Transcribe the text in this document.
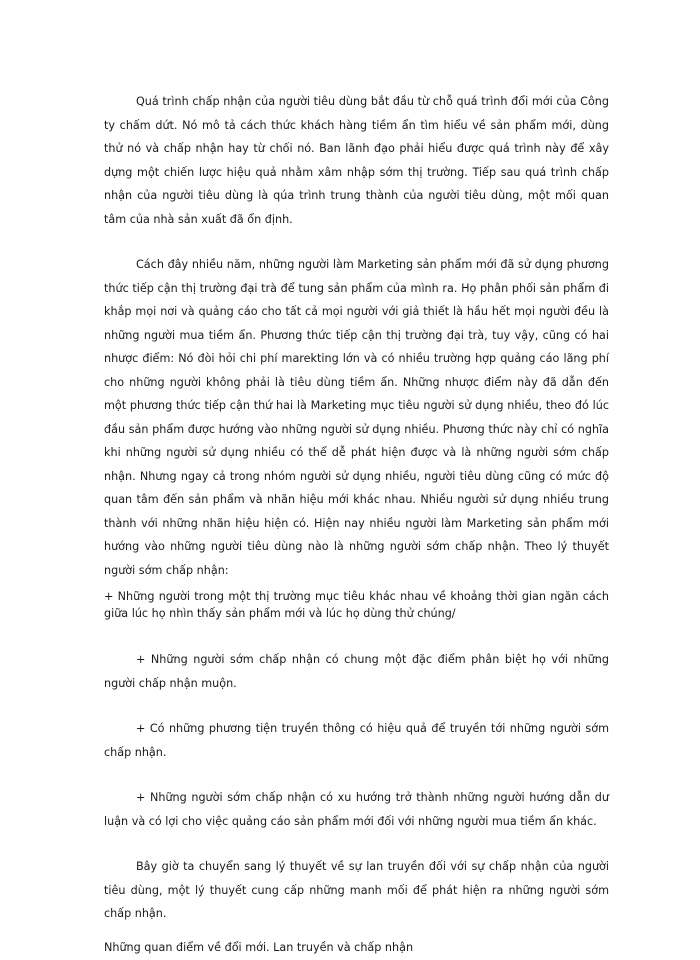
Quá trình chấp nhận của người tiêu dùng bắt đầu từ chỗ quá trình đổi mới của Công ty chấm dứt. Nó mô tả cách thức khách hàng tiềm ẩn tìm hiểu về sản phẩm mới, dùng thử nó và chấp nhận hay từ chối nó. Ban lãnh đạo phải hiểu được quá trình này để xây dựng một chiến lược hiệu quả nhằm xâm nhập sớm thị trường. Tiếp sau quá trình chấp nhận của người tiêu dùng là qúa trình trung thành của người tiêu dùng, một mối quan tâm của nhà sản xuất đã ổn định.

Cách đây nhiều năm, những người làm Marketing sản phẩm mới đã sử dụng phương thức tiếp cận thị trường đại trà để tung sản phẩm của mình ra. Họ phân phối sản phẩm đi khắp mọi nơi và quảng cáo cho tất cả mọi người với giả thiết là hầu hết mọi người đều là những người mua tiềm ẩn. Phương thức tiếp cận thị trường đại trà, tuy vậy, cũng có hai nhược điểm: Nó đòi hỏi chi phí marekting lớn và có nhiều trường hợp quảng cáo lãng phí cho những người không phải là tiêu dùng tiềm ẩn. Những nhược điểm này đã dẫn đến một phương thức tiếp cận thứ hai là Marketing mục tiêu người sử dụng nhiều, theo đó lúc đầu sản phẩm được hướng vào những người sử dụng nhiều. Phương thức này chỉ có nghĩa khi những người sử dụng nhiều có thể dễ phát hiện được và là những người sớm chấp nhận. Nhưng ngay cả trong nhóm người sử dụng nhiều, người tiêu dùng cũng có mức độ quan tâm đến sản phẩm và nhãn hiệu mới khác nhau. Nhiều người sử dụng nhiều trung thành với những nhãn hiệu hiện có. Hiện nay nhiều người làm Marketing sản phẩm mới hướng vào những người tiêu dùng nào là những người sớm chấp nhận. Theo lý thuyết người sớm chấp nhận:

+ Những người trong một thị trường mục tiêu khác nhau về khoảng thời gian ngăn cách giữa lúc họ nhìn thấy sản phẩm mới và lúc họ dùng thử chúng/

+ Những người sớm chấp nhận có chung một đặc điểm phân biệt họ với những người chấp nhận muộn.

+ Có những phương tiện truyền thông có hiệu quả để truyền tới những người sớm chấp nhận.

+ Những người sớm chấp nhận có xu hướng trở thành những người hướng dẫn dư luận và có lợi cho việc quảng cáo sản phẩm mới đối với những người mua tiềm ẩn khác.

Bây giờ ta chuyển sang lý thuyết về sự lan truyền đối với sự chấp nhận của người tiêu dùng, một lý thuyết cung cấp những manh mối để phát hiện ra những người sớm chấp nhận.

Những quan điểm về đổi mới. Lan truyền và chấp nhận
